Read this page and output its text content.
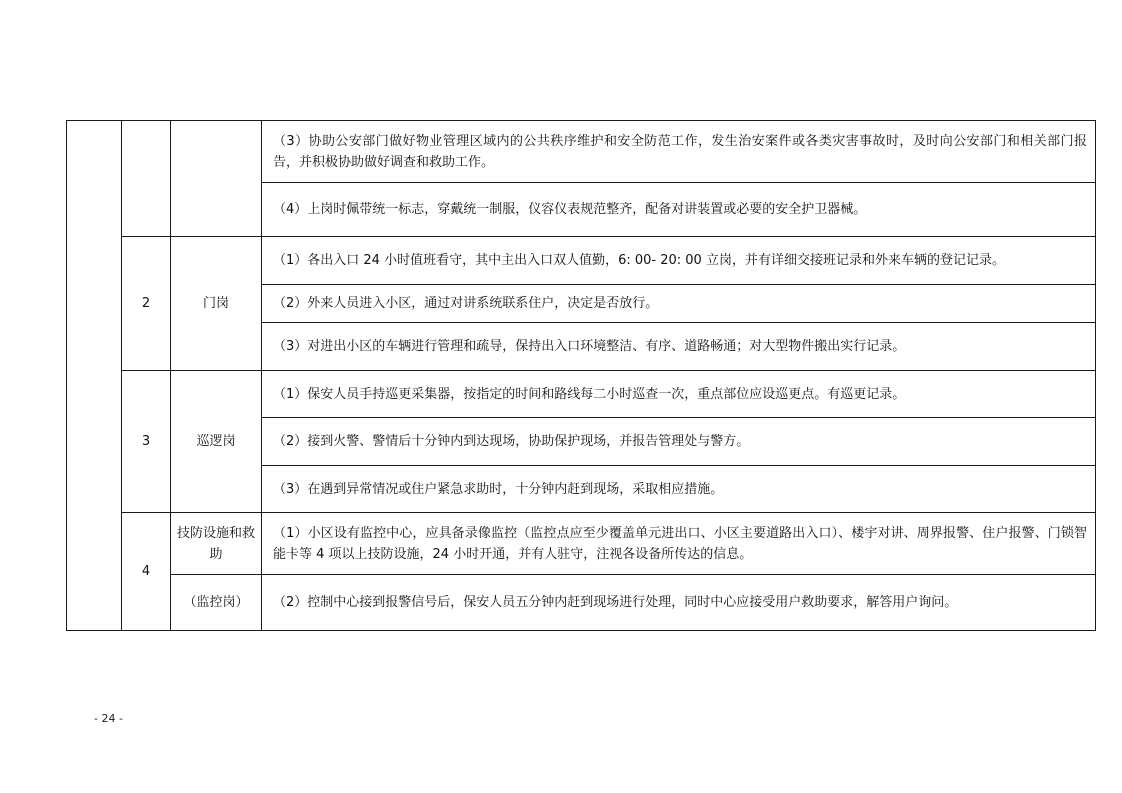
			（3）协助公安部门做好物业管理区域内的公共秩序维护和安全防范工作，发生治安案件或各类灾害事故时，及时向公安部门和相关部门报告，并积极协助做好调查和救助工作。
			（4）上岗时佩带统一标志，穿戴统一制服，仪容仪表规范整齐，配备对讲装置或必要的安全护卫器械。
	2	门岗	（1）各出入口 24 小时值班看守，其中主出入口双人值勤，6: 00- 20: 00 立岗，并有详细交接班记录和外来车辆的登记记录。
			（2）外来人员进入小区，通过对讲系统联系住户，决定是否放行。
			（3）对进出小区的车辆进行管理和疏导，保持出入口环境整洁、有序、道路畅通；对大型物件搬出实行记录。
	3	巡逻岗	（1）保安人员手持巡更采集器，按指定的时间和路线每二小时巡查一次，重点部位应设巡更点。有巡更记录。
			（2）接到火警、警情后十分钟内到达现场，协助保护现场，并报告管理处与警方。
			（3）在遇到异常情况或住户紧急求助时，十分钟内赶到现场，采取相应措施。
	4	技防设施和救助	（1）小区设有监控中心，应具备录像监控（监控点应至少覆盖单元进出口、小区主要道路出入口）、楼宇对讲、周界报警、住户报警、门锁智能卡等 4 项以上技防设施，24 小时开通，并有人驻守，注视各设备所传达的信息。
		（监控岗）	（2）控制中心接到报警信号后，保安人员五分钟内赶到现场进行处理，同时中心应接受用户救助要求，解答用户询问。
- 24 -
